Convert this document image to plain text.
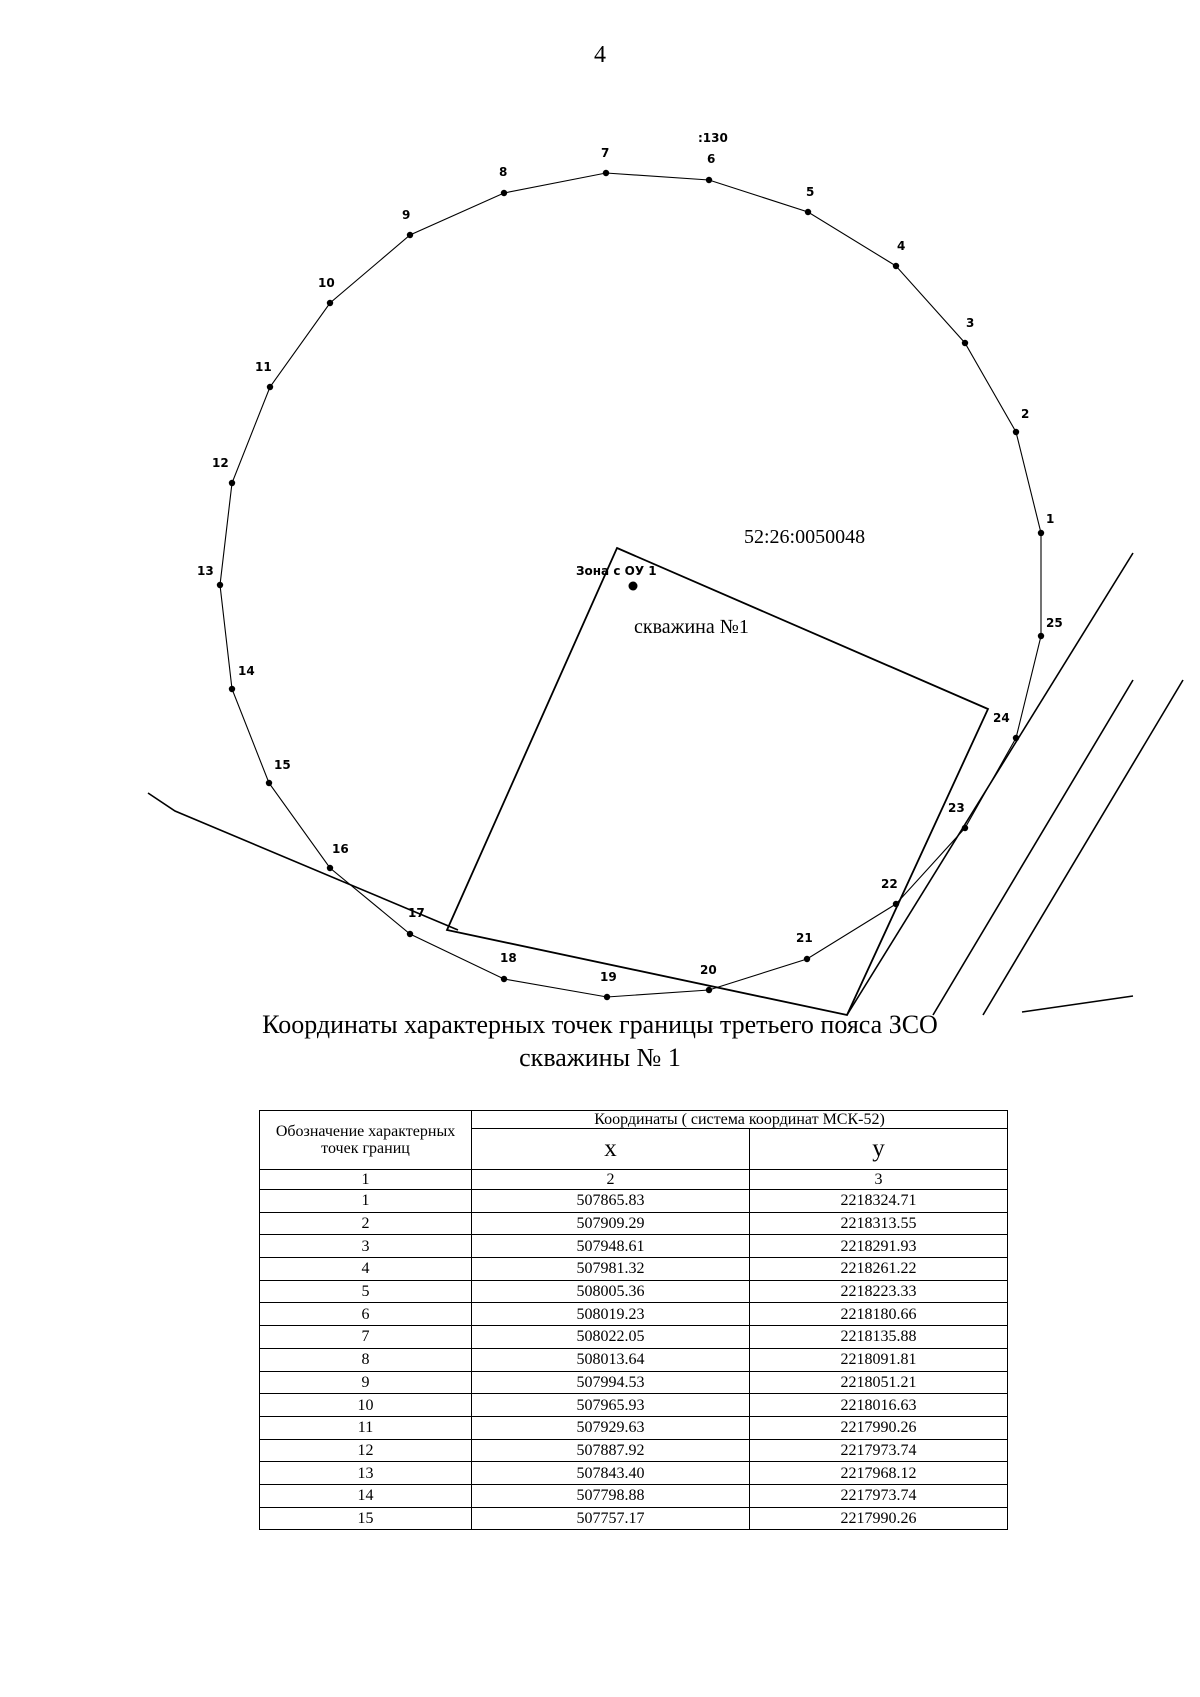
4
1
2
3
4
5
6
7
8
9
10
11
12
13
14
15
16
17
18
19	20
21
22
23
24
25
Зона с ОУ 1
скважина №1
52:26:0050048
:130
Координаты характерных точек границы третьего пояса ЗСО
скважины № 1
Обозначение характерных точек границ	Координаты ( система координат МСК-52)	
	x	y
1	2	3
1	507865.83	2218324.71
2	507909.29	2218313.55
3	507948.61	2218291.93
4	507981.32	2218261.22
5	508005.36	2218223.33
6	508019.23	2218180.66
7	508022.05	2218135.88
8	508013.64	2218091.81
9	507994.53	2218051.21
10	507965.93	2218016.63
11	507929.63	2217990.26
12	507887.92	2217973.74
13	507843.40	2217968.12
14	507798.88	2217973.74
15	507757.17	2217990.26
